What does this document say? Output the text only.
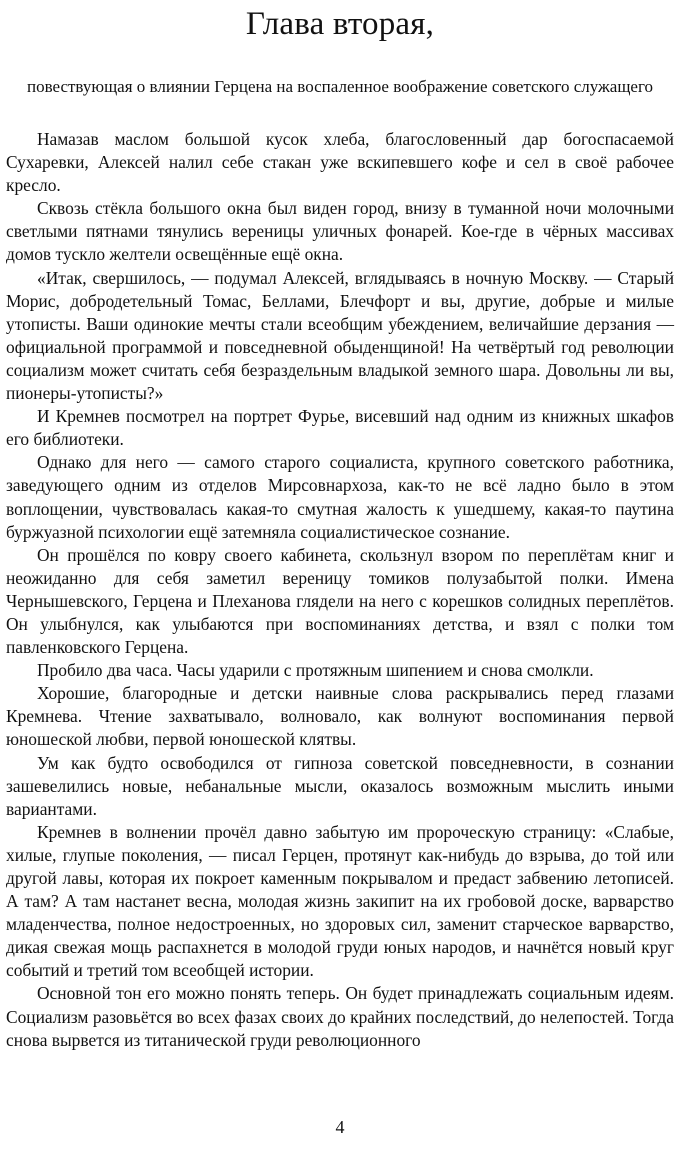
Глава вторая,

повествующая о влиянии Герцена на воспаленное воображение советского служащего

Намазав маслом большой кусок хлеба, благословенный дар богоспасаемой Сухаревки, Алексей налил себе стакан уже вскипевшего кофе и сел в своё рабочее кресло.

Сквозь стёкла большого окна был виден город, внизу в туманной ночи молочными светлыми пятнами тянулись вереницы уличных фонарей. Кое-где в чёрных массивах домов тускло желтели освещённые ещё окна.

«Итак, свершилось, — подумал Алексей, вглядываясь в ночную Москву. — Старый Морис, добродетельный Томас, Беллами, Блечфорт и вы, другие, добрые и милые утописты. Ваши одинокие мечты стали всеобщим убеждением, величайшие дерзания — официальной программой и повседневной обыденщиной! На четвёртый год революции социализм может считать себя безраздельным владыкой земного шара. Довольны ли вы, пионеры-утописты?»

И Кремнев посмотрел на портрет Фурье, висевший над одним из книжных шкафов его библиотеки.

Однако для него — самого старого социалиста, крупного советского работника, заведующего одним из отделов Мирсовнархоза, как-то не всё ладно было в этом воплощении, чувствовалась какая-то смутная жалость к ушедшему, какая-то паутина буржуазной психологии ещё затемняла социалистическое сознание.

Он прошёлся по ковру своего кабинета, скользнул взором по переплётам книг и неожиданно для себя заметил вереницу томиков полузабытой полки. Имена Чернышевского, Герцена и Плеханова глядели на него с корешков солидных переплётов. Он улыбнулся, как улыбаются при воспоминаниях детства, и взял с полки том павленковского Герцена.

Пробило два часа. Часы ударили с протяжным шипением и снова смолкли.

Хорошие, благородные и детски наивные слова раскрывались перед глазами Кремнева. Чтение захватывало, волновало, как волнуют воспоминания первой юношеской любви, первой юношеской клятвы.

Ум как будто освободился от гипноза советской повседневности, в сознании зашевелились новые, небанальные мысли, оказалось возможным мыслить иными вариантами.

Кремнев в волнении прочёл давно забытую им пророческую страницу: «Слабые, хилые, глупые поколения, — писал Герцен, протянут как-нибудь до взрыва, до той или другой лавы, которая их покроет каменным покрывалом и предаст забвению летописей. А там? А там настанет весна, молодая жизнь закипит на их гробовой доске, варварство младенчества, полное недостроенных, но здоровых сил, заменит старческое варварство, дикая свежая мощь распахнется в молодой груди юных народов, и начнётся новый круг событий и третий том всеобщей истории.

Основной тон его можно понять теперь. Он будет принадлежать социальным идеям. Социализм разовьётся во всех фазах своих до крайних последствий, до нелепостей. Тогда снова вырвется из титанической груди революционного

4
